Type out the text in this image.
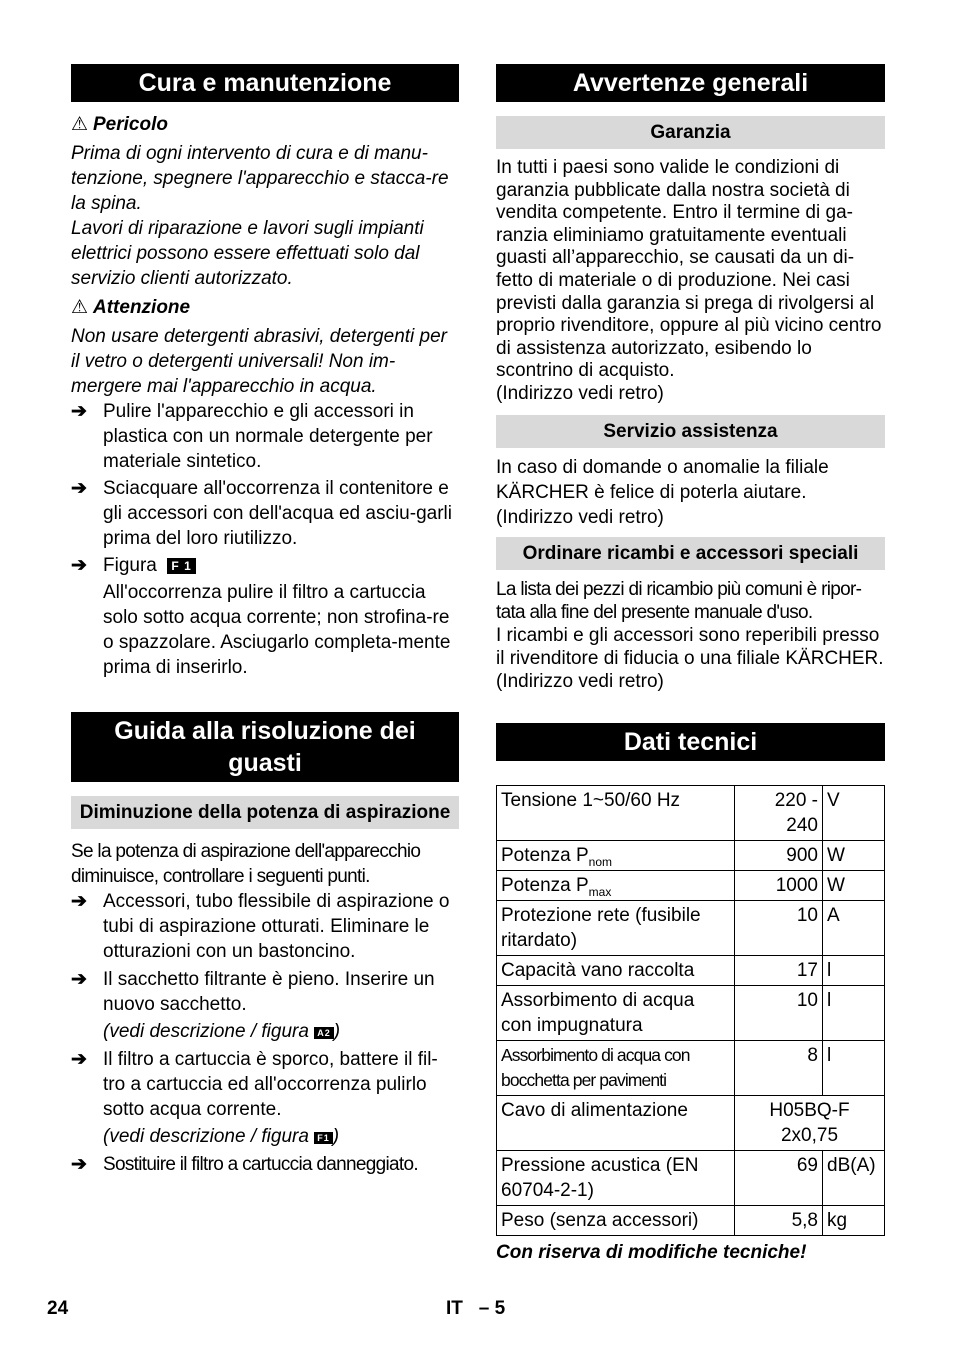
Cura e manutenzione
⚠ Pericolo

Prima di ogni intervento di cura e di manu-tenzione, spegnere l'apparecchio e stacca-re la spina.

Lavori di riparazione e lavori sugli impianti elettrici possono essere effettuati solo dal servizio clienti autorizzato.

⚠ Attenzione

Non usare detergenti abrasivi, detergenti per il vetro o detergenti universali! Non im-mergere mai l'apparecchio in acqua.

➔ Pulire l'apparecchio e gli accessori in plastica con un normale detergente per materiale sintetico.
➔ Sciacquare all'occorrenza il contenitore e gli accessori con dell'acqua ed asciu-garli prima del loro riutilizzo.
➔ Figura F 1

All'occorrenza pulire il filtro a cartuccia solo sotto acqua corrente; non strofina-re o spazzolare. Asciugarlo completa-mente prima di inserirlo.

Guida alla risoluzione dei guasti
Diminuzione della potenza di aspirazione

Se la potenza di aspirazione dell'apparecchio diminuisce, controllare i seguenti punti.

➔ Accessori, tubo flessibile di aspirazione o tubi di aspirazione otturati. Eliminare le otturazioni con un bastoncino.
➔ Il sacchetto filtrante è pieno. Inserire un nuovo sacchetto.

(vedi descrizione / figura A2 )

➔ Il filtro a cartuccia è sporco, battere il fil-tro a cartuccia ed all'occorrenza pulirlo sotto acqua corrente.

(vedi descrizione / figura F1 )

➔ Sostituire il filtro a cartuccia danneggiato.
Avvertenze generali
Garanzia

In tutti i paesi sono valide le condizioni di garanzia pubblicate dalla nostra società di vendita competente. Entro il termine di ga-ranzia eliminiamo gratuitamente eventuali guasti all’apparecchio, se causati da un di-fetto di materiale o di produzione. Nei casi previsti dalla garanzia si prega di rivolgersi al proprio rivenditore, oppure al più vicino centro di assistenza autorizzato, esibendo lo scontrino di acquisto.

(Indirizzo vedi retro)

Servizio assistenza

In caso di domande o anomalie la filiale KÄRCHER è felice di poterla aiutare.

(Indirizzo vedi retro)

Ordinare ricambi e accessori speciali

La lista dei pezzi di ricambio più comuni è ripor-tata alla fine del presente manuale d'uso.

I ricambi e gli accessori sono reperibili presso il rivenditore di fiducia o una filiale KÄRCHER.

(Indirizzo vedi retro)

Dati tecnici
Tensione 1~50/60 Hz	220 - 240	V
Potenza $P_{nom}$	900	W
Potenza $P_{max}$	1000	W
Protezione rete (fusibile ritardato)	10	A
Capacità vano raccolta	17	l
Assorbimento di acqua con impugnatura	10	l
Assorbimento di acqua con bocchetta per pavimenti	8	l
Cavo di alimentazione	H05BQ-F 2x0,75	
Pressione acustica (EN 60704-2-1)	69	dB(A)
Peso (senza accessori)	5,8	kg

Con riserva di modifiche tecniche!

24	IT   – 5
